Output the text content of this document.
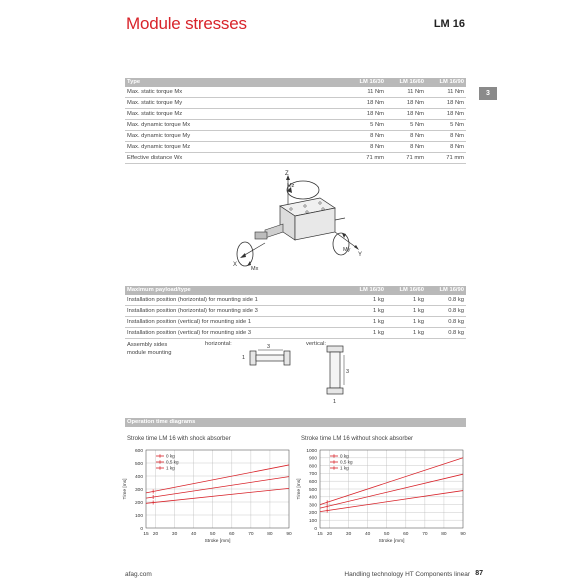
Module stresses	LM 16
3
Type	LM 16/30	LM 16/60	LM 16/90
Max. static torque Mx	11 Nm	11 Nm	11 Nm
Max. static torque My	18 Nm	18 Nm	18 Nm
Max. static torque Mz	18 Nm	18 Nm	18 Nm
Max. dynamic torque Mx	5 Nm	5 Nm	5 Nm
Max. dynamic torque My	8 Nm	8 Nm	8 Nm
Max. dynamic torque Mz	8 Nm	8 Nm	8 Nm
Effective distance Wx	71 mm	71 mm	71 mm
Z
Mz
X
Mx
Y
My
Maximum payload/type	LM 16/30	LM 16/60	LM 16/90
Installation position (horizontal) for mounting side 1	1 kg	1 kg	0.8 kg
Installation position (horizontal) for mounting side 3	1 kg	1 kg	0.8 kg
Installation position (vertical) for mounting side 1	1 kg	1 kg	0.8 kg
Installation position (vertical) for mounting side 3	1 kg	1 kg	0.8 kg
Assembly sides
module mounting
horizontal:	vertical:
3
1
3
1
Operation time diagrams
Stroke time LM 16 with shock absorber
0
100
200
300
400
500
600
15 20	30	40	50	60	70	80	90
Stroke [mm]
Time [ms]
0 kg
0,5 kg
1 kg
Stroke time LM 16 without shock absorber
0
100
200
300
400
500
600
700
800
900
1000
15 20	30	40	50	60	70	80	90
Stroke [mm]
Time [ms]
0 kg
0,5 kg
1 kg
afag.com	Handling technology HT Components linear 87
